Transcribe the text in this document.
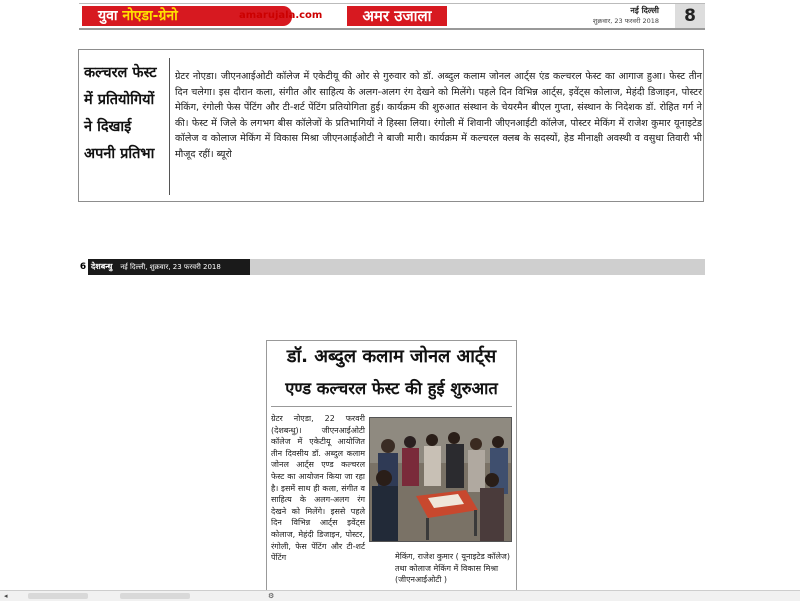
युवा नोएडा-ग्रेनो	amarujala.com	अमर उजाला	नई दिल्ली
शुक्रवार, 23 फरवरी 2018	8
कल्चरल फेस्ट में प्रतियोगियों ने दिखाई अपनी प्रतिभा
ग्रेटर नोएडा। जीएनआईओटी कॉलेज में एकेटीयू की ओर से गुरुवार को डॉ. अब्दुल कलाम जोनल आर्ट्स एंड कल्चरल फेस्ट का आगाज हुआ। फेस्ट तीन दिन चलेगा। इस दौरान कला, संगीत और साहित्य के अलग-अलग रंग देखने को मिलेंगे। पहले दिन विभिन्न आर्ट्स, इवेंट्स कोलाज, मेहंदी डिजाइन, पोस्टर मेकिंग, रंगोली फेस पेंटिंग और टी-शर्ट पेंटिंग प्रतियोगिता हुई। कार्यक्रम की शुरुआत संस्थान के चेयरमैन बीएल गुप्ता, संस्थान के निदेशक डॉ. रोहित गर्ग ने की। फेस्ट में जिले के लगभग बीस कॉलेजों के प्रतिभागियों ने हिस्सा लिया। रंगोली में शिवानी जीएनआईटी कॉलेज, पोस्टर मेकिंग में राजेश कुमार यूनाइटेड कॉलेज व कोलाज मेकिंग में विकास मिश्रा जीएनआईओटी ने बाजी मारी। कार्यक्रम में कल्चरल क्लब के सदस्यों, हेड मीनाक्षी अवस्थी व वसुधा तिवारी भी मौजूद रहीं। ब्यूरो
6 देशबन्धु नई दिल्ली, शुक्रवार, 23 फरवरी 2018
डॉ. अब्दुल कलाम जोनल आर्ट्स
एण्ड कल्चरल फेस्ट की हुई शुरुआत
ग्रेटर नोएडा, 22 फरवरी (देशबन्धु)। जीएनआईओटी कॉलेज में एकेटीयू आयोजित तीन दिवसीय डॉ. अब्दुल कलाम जोनल आर्ट्स एण्ड कल्चरल फेस्ट का आयोजन किया जा रहा है। इसमें साथ ही कला, संगीत व साहित्य के अलग-अलग रंग देखने को मिलेंगे। इससे पहले दिन विभिन्न आर्ट्स इवेंट्स कोलाज, मेहंदी डिजाइन, पोस्टर, रंगोली, फेस पेंटिंग और टी-शर्ट पेंटिंग	मेकिंग, राजेश कुमार ( यूनाइटेड कॉलेज) तथा कोलाज मेकिंग में विकास मिश्रा (जीएनआईओटी )
◂	⚙
